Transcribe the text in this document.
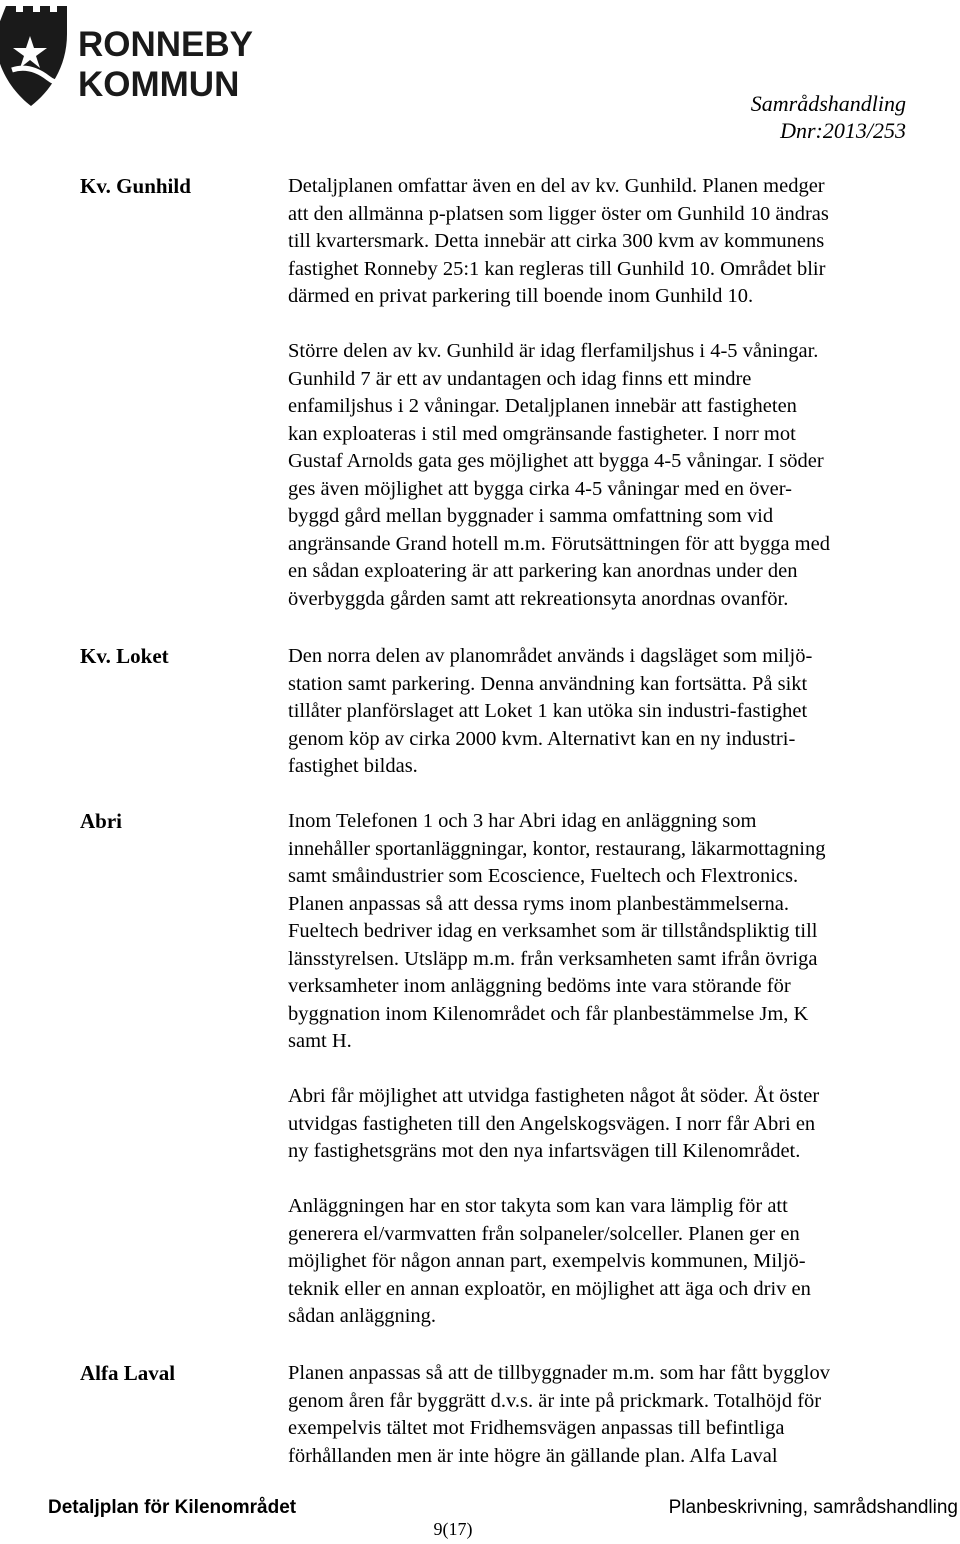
RONNEBY
KOMMUN	Samrådshandling
Dnr:2013/253
Kv. Gunhild	Detaljplanen omfattar även en del av kv. Gunhild. Planen medger
att den allmänna p-platsen som ligger öster om Gunhild 10 ändras
till kvartersmark. Detta innebär att cirka 300 kvm av kommunens
fastighet Ronneby 25:1 kan regleras till Gunhild 10. Området blir
därmed en privat parkering till boende inom Gunhild 10.
Större delen av kv. Gunhild är idag flerfamiljshus i 4-5 våningar.
Gunhild 7 är ett av undantagen och idag finns ett mindre
enfamiljshus i 2 våningar. Detaljplanen innebär att fastigheten
kan exploateras i stil med omgränsande fastigheter. I norr mot
Gustaf Arnolds gata ges möjlighet att bygga 4-5 våningar. I söder
ges även möjlighet att bygga cirka 4-5 våningar med en över-
byggd gård mellan byggnader i samma omfattning som vid
angränsande Grand hotell m.m. Förutsättningen för att bygga med
en sådan exploatering är att parkering kan anordnas under den
överbyggda gården samt att rekreationsyta anordnas ovanför.
Kv. Loket	Den norra delen av planområdet används i dagsläget som miljö-
station samt parkering. Denna användning kan fortsätta. På sikt
tillåter planförslaget att Loket 1 kan utöka sin industri-fastighet
genom köp av cirka 2000 kvm. Alternativt kan en ny industri-
fastighet bildas.
Abri	Inom Telefonen 1 och 3 har Abri idag en anläggning som
innehåller sportanläggningar, kontor, restaurang, läkarmottagning
samt småindustrier som Ecoscience, Fueltech och Flextronics.
Planen anpassas så att dessa ryms inom planbestämmelserna.
Fueltech bedriver idag en verksamhet som är tillståndspliktig till
länsstyrelsen. Utsläpp m.m. från verksamheten samt ifrån övriga
verksamheter inom anläggning bedöms inte vara störande för
byggnation inom Kilenområdet och får planbestämmelse Jm, K
samt H.
Abri får möjlighet att utvidga fastigheten något åt söder. Åt öster
utvidgas fastigheten till den Angelskogsvägen. I norr får Abri en
ny fastighetsgräns mot den nya infartsvägen till Kilenområdet.
Anläggningen har en stor takyta som kan vara lämplig för att
generera el/varmvatten från solpaneler/solceller. Planen ger en
möjlighet för någon annan part, exempelvis kommunen, Miljö-
teknik eller en annan exploatör, en möjlighet att äga och driv en
sådan anläggning.
Alfa Laval	Planen anpassas så att de tillbyggnader m.m. som har fått bygglov
genom åren får byggrätt d.v.s. är inte på prickmark. Totalhöjd för
exempelvis tältet mot Fridhemsvägen anpassas till befintliga
förhållanden men är inte högre än gällande plan. Alfa Laval
Detaljplan för Kilenområdet	Planbeskrivning, samrådshandling
9(17)
